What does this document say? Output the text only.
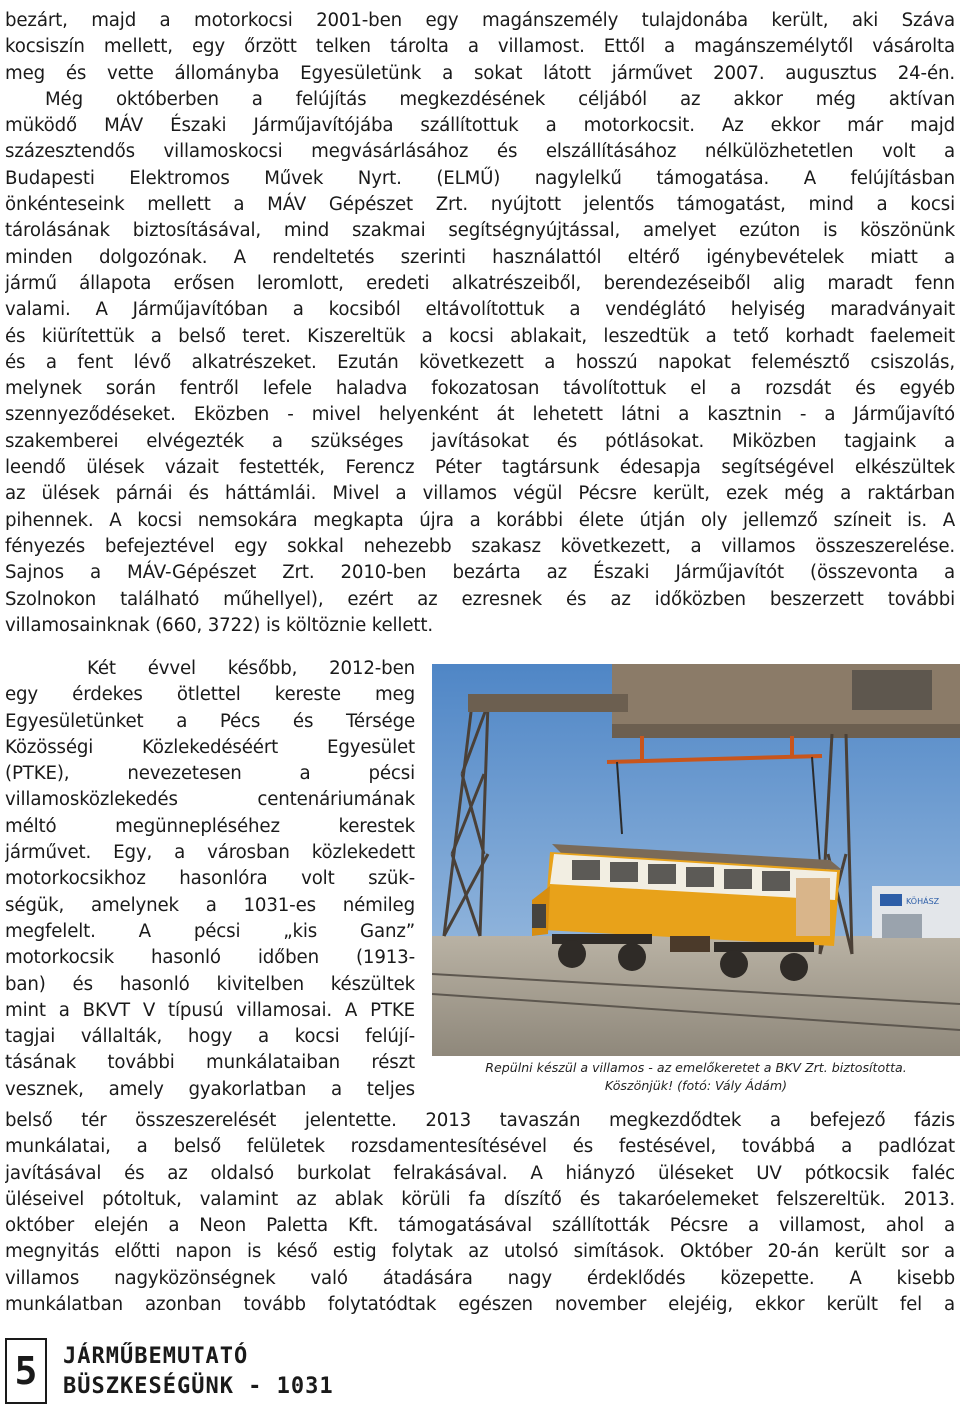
bezárt, majd a motorkocsi 2001-ben egy magánszemély tulajdonába került, aki Száva
kocsiszín mellett, egy őrzött telken tárolta a villamost. Ettől a magánszemélytől vásárolta
meg és vette állományba Egyesületünk a sokat látott járművet 2007. augusztus 24-én.
Még októberben a felújítás megkezdésének céljából az akkor még aktívan
müködő MÁV Északi Járműjavítójába szállítottuk a motorkocsit. Az ekkor már majd
százesztendős villamoskocsi megvásárlásához és elszállításához nélkülözhetetlen volt a
Budapesti Elektromos Művek Nyrt. (ELMŰ) nagylelkű támogatása. A felújításban
önkénteseink mellett a MÁV Gépészet Zrt. nyújtott jelentős támogatást, mind a kocsi
tárolásának biztosításával, mind szakmai segítségnyújtással, amelyet ezúton is köszönünk
minden dolgozónak. A rendeltetés szerinti használattól eltérő igénybevételek miatt a
jármű állapota erősen leromlott, eredeti alkatrészeiből, berendezéseiből alig maradt fenn
valami. A Járműjavítóban a kocsiból eltávolítottuk a vendéglátó helyiség maradványait
és kiürítettük a belső teret. Kiszereltük a kocsi ablakait, leszedtük a tető korhadt faelemeit
és a fent lévő alkatrészeket. Ezután következett a hosszú napokat felemésztő csiszolás,
melynek során fentről lefele haladva fokozatosan távolítottuk el a rozsdát és egyéb
szennyeződéseket. Eközben - mivel helyenként át lehetett látni a kasztnin - a Járműjavító
szakemberei elvégezték a szükséges javításokat és pótlásokat. Miközben tagjaink a
leendő ülések vázait festették, Ferencz Péter tagtársunk édesapja segítségével elkészültek
az ülések párnái és háttámlái. Mivel a villamos végül Pécsre került, ezek még a raktárban
pihennek. A kocsi nemsokára megkapta újra a korábbi élete útján oly jellemző színeit is. A
fényezés befejeztével egy sokkal nehezebb szakasz következett, a villamos összeszerelése.
Sajnos a MÁV-Gépészet Zrt. 2010-ben bezárta az Északi Járműjavítót (összevonta a
Szolnokon található műhellyel), ezért az ezresnek és az időközben beszerzett további
villamosainknak (660, 3722) is költöznie kellett.
Két évvel később, 2012-ben
egy érdekes ötlettel kereste meg
Egyesületünket a Pécs és Térsége
Közösségi Közlekedéséért Egyesület
(PTKE), nevezetesen a pécsi
villamosközlekedés centenáriumának
méltó megünnepléséhez kerestek
járművet. Egy, a városban közlekedett
motorkocsikhoz hasonlóra volt szük-
ségük, amelynek a 1031-es némileg
megfelelt. A pécsi „kis Ganz”
motorkocsik hasonló időben (1913-
ban) és hasonló kivitelben készültek
mint a BKVT V típusú villamosai. A PTKE
tagjai vállalták, hogy a kocsi felújí-
tásának további munkálataiban részt
vesznek, amely gyakorlatban a teljes
KÖHÁSZ
Repülni készül a villamos - az emelőkeretet a BKV Zrt. biztosította.
Köszönjük! (fotó: Vály Ádám)
belső tér összeszerelését jelentette. 2013 tavaszán megkezdődtek a befejező fázis
munkálatai, a belső felületek rozsdamentesítésével és festésével, továbbá a padlózat
javításával és az oldalsó burkolat felrakásával. A hiányzó üléseket UV pótkocsik faléc
üléseivel pótoltuk, valamint az ablak körüli fa díszítő és takaróelemeket felszereltük. 2013.
október elején a Neon Paletta Kft. támogatásával szállították Pécsre a villamost, ahol a
megnyitás előtti napon is késő estig folytak az utolsó simítások. Október 20-án került sor a
villamos nagyközönségnek való átadására nagy érdeklődés közepette. A kisebb
munkálatban azonban tovább folytatódtak egészen november elejéig, ekkor került fel a
5	JÁRMŰBEMUTATÓ
BÜSZKESÉGÜNK - 1031
